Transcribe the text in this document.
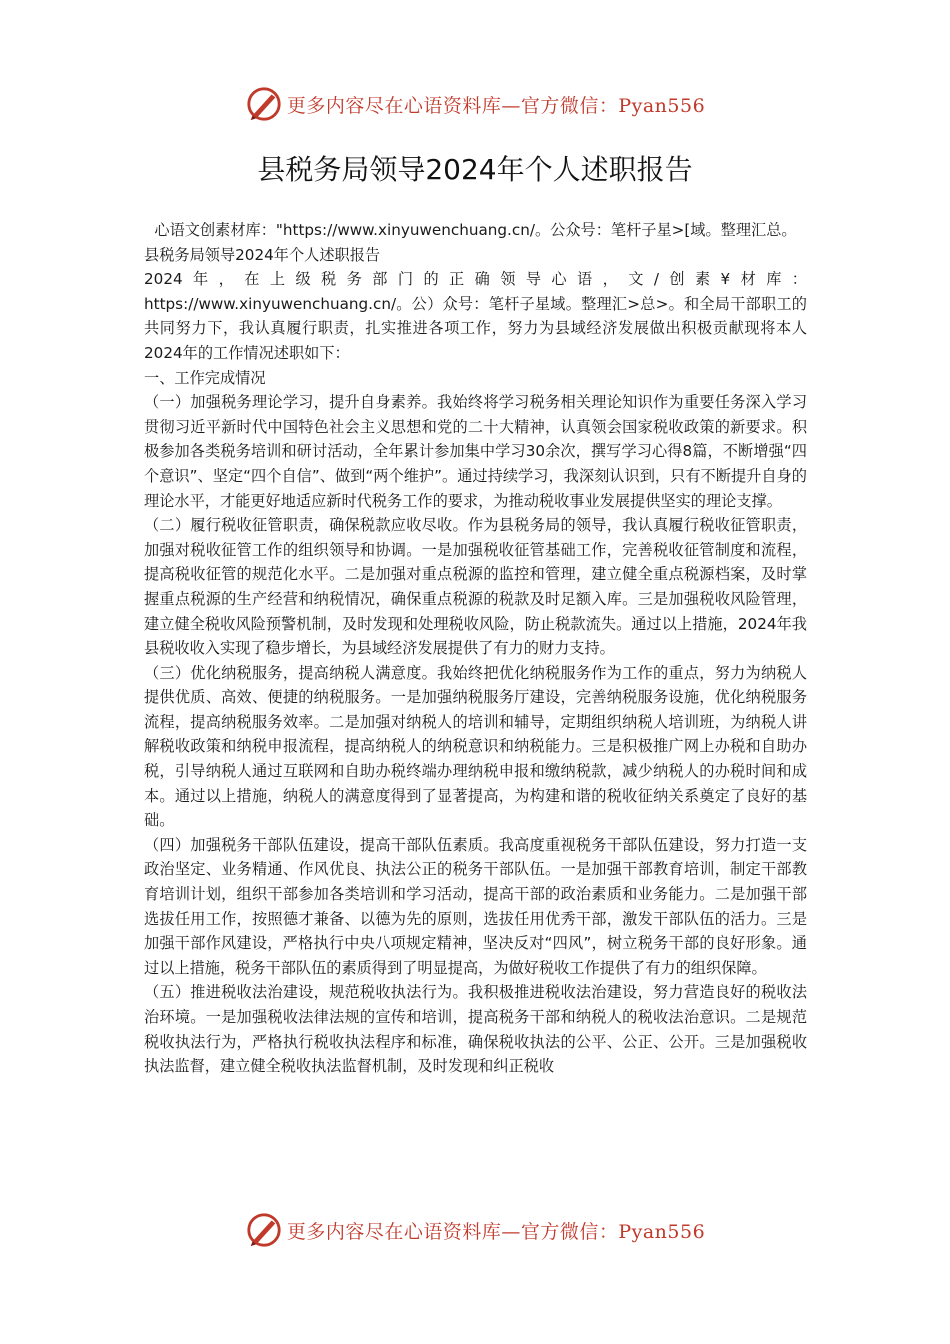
更多内容尽在心语资料库—官方微信：Pyan556
县税务局领导2024年个人述职报告

心语文创素材库："https://www.xinyuwenchuang.cn/。公众号：笔杆子星>[域。整理汇总。

县税务局领导2024年个人述职报告

2024年，在上级税务部门的正确领导心语，文/创素¥材库：https://www.xinyuwenchuang.cn/。公）众号：笔杆子星域。整理汇>总>。和全局干部职工的共同努力下，我认真履行职责，扎实推进各项工作，努力为县域经济发展做出积极贡献现将本人2024年的工作情况述职如下：

一、工作完成情况

（一）加强税务理论学习，提升自身素养。我始终将学习税务相关理论知识作为重要任务深入学习贯彻习近平新时代中国特色社会主义思想和党的二十大精神，认真领会国家税收政策的新要求。积极参加各类税务培训和研讨活动，全年累计参加集中学习30余次，撰写学习心得8篇，不断增强“四个意识”、坚定“四个自信”、做到“两个维护”。通过持续学习，我深刻认识到，只有不断提升自身的理论水平，才能更好地适应新时代税务工作的要求，为推动税收事业发展提供坚实的理论支撑。

（二）履行税收征管职责，确保税款应收尽收。作为县税务局的领导，我认真履行税收征管职责，加强对税收征管工作的组织领导和协调。一是加强税收征管基础工作，完善税收征管制度和流程，提高税收征管的规范化水平。二是加强对重点税源的监控和管理，建立健全重点税源档案，及时掌握重点税源的生产经营和纳税情况，确保重点税源的税款及时足额入库。三是加强税收风险管理，建立健全税收风险预警机制，及时发现和处理税收风险，防止税款流失。通过以上措施，2024年我县税收收入实现了稳步增长，为县域经济发展提供了有力的财力支持。

（三）优化纳税服务，提高纳税人满意度。我始终把优化纳税服务作为工作的重点，努力为纳税人提供优质、高效、便捷的纳税服务。一是加强纳税服务厅建设，完善纳税服务设施，优化纳税服务流程，提高纳税服务效率。二是加强对纳税人的培训和辅导，定期组织纳税人培训班，为纳税人讲解税收政策和纳税申报流程，提高纳税人的纳税意识和纳税能力。三是积极推广网上办税和自助办税，引导纳税人通过互联网和自助办税终端办理纳税申报和缴纳税款，减少纳税人的办税时间和成本。通过以上措施，纳税人的满意度得到了显著提高，为构建和谐的税收征纳关系奠定了良好的基础。

（四）加强税务干部队伍建设，提高干部队伍素质。我高度重视税务干部队伍建设，努力打造一支政治坚定、业务精通、作风优良、执法公正的税务干部队伍。一是加强干部教育培训，制定干部教育培训计划，组织干部参加各类培训和学习活动，提高干部的政治素质和业务能力。二是加强干部选拔任用工作，按照德才兼备、以德为先的原则，选拔任用优秀干部，激发干部队伍的活力。三是加强干部作风建设，严格执行中央八项规定精神，坚决反对“四风”，树立税务干部的良好形象。通过以上措施，税务干部队伍的素质得到了明显提高，为做好税收工作提供了有力的组织保障。

（五）推进税收法治建设，规范税收执法行为。我积极推进税收法治建设，努力营造良好的税收法治环境。一是加强税收法律法规的宣传和培训，提高税务干部和纳税人的税收法治意识。二是规范税收执法行为，严格执行税收执法程序和标准，确保税收执法的公平、公正、公开。三是加强税收执法监督，建立健全税收执法监督机制，及时发现和纠正税收

更多内容尽在心语资料库—官方微信：Pyan556
